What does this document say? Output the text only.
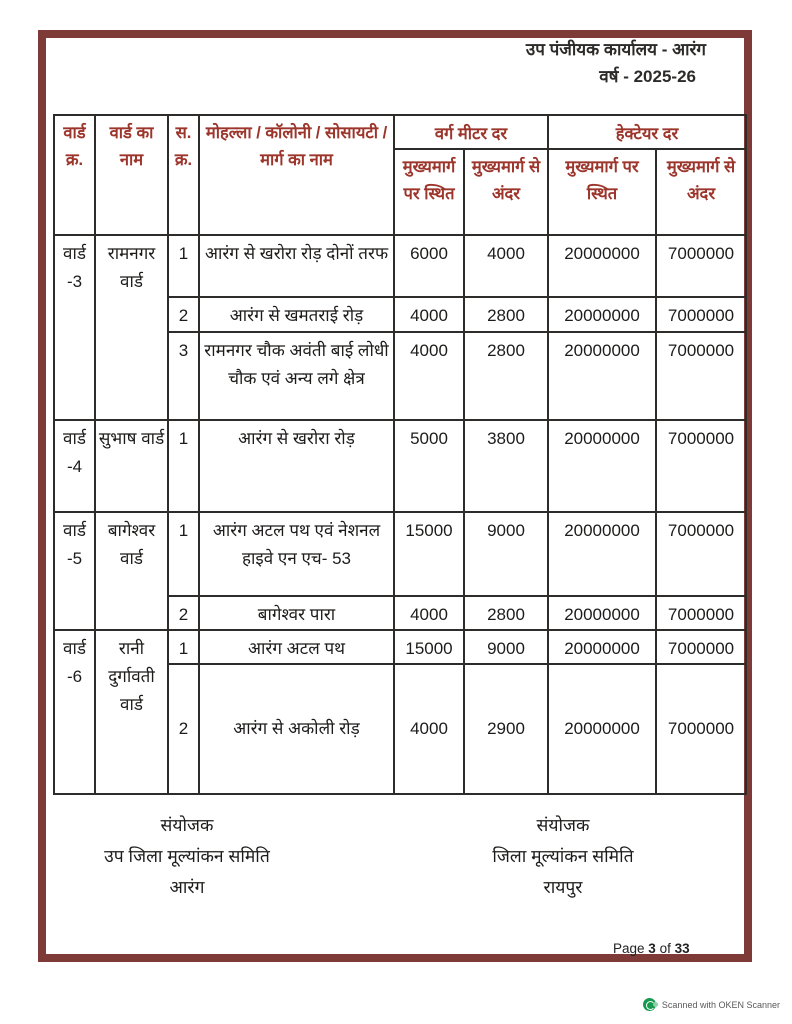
उप पंजीयक कार्यालय - आरंग
वर्ष - 2025-26
वार्ड क्र.	वार्ड का नाम	स. क्र.	मोहल्ला / कॉलोनी / सोसायटी / मार्ग का नाम	वर्ग मीटर दर		हेक्टेयर दर	
				मुख्यमार्ग पर स्थित	मुख्यमार्ग से अंदर	मुख्यमार्ग पर स्थित	मुख्यमार्ग से अंदर
वार्ड -3	रामनगर वार्ड	1	आरंग से खरोरा रोड़ दोनों तरफ	6000	4000	20000000	7000000
		2	आरंग से खमतराई रोड़	4000	2800	20000000	7000000
		3	रामनगर चौक अवंती बाई लोधी चौक एवं अन्य लगे क्षेत्र	4000	2800	20000000	7000000
वार्ड -4	सुभाष वार्ड	1	आरंग से खरोरा रोड़	5000	3800	20000000	7000000
वार्ड -5	बागेश्वर वार्ड	1	आरंग अटल पथ एवं नेशनल हाइवे एन एच- 53	15000	9000	20000000	7000000
		2	बागेश्वर पारा	4000	2800	20000000	7000000
वार्ड -6	रानी दुर्गावती वार्ड	1	आरंग अटल पथ	15000	9000	20000000	7000000
		2	आरंग से अकोली रोड़	4000	2900	20000000	7000000
संयोजक
उप जिला मूल्यांकन समिति
आरंग
संयोजक
जिला मूल्यांकन समिति
रायपुर
Page 3 of 33
Scanned with OKEN Scanner
